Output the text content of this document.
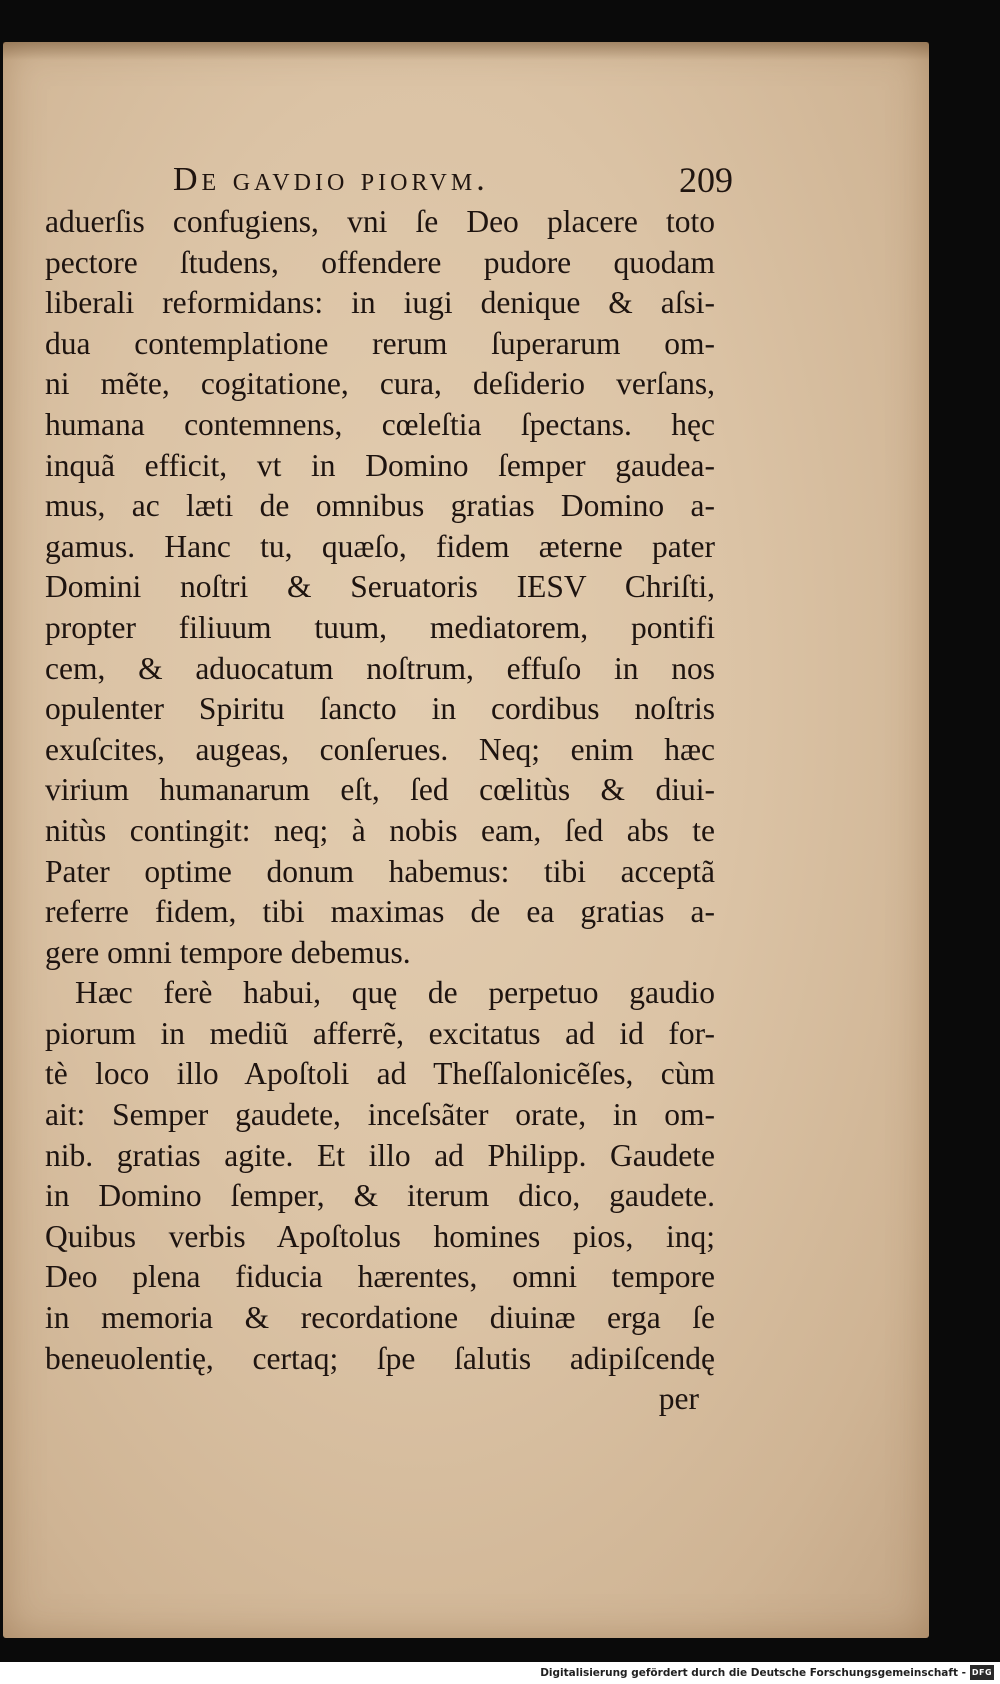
De gavdio piorvm.	209
aduerſis confugiens, vni ſe Deo placere toto
pectore ſtudens, offendere pudore quodam
liberali reformidans: in iugi denique & aſsi-
dua contemplatione rerum ſuperarum om-
ni mẽte, cogitatione, cura, deſiderio verſans,
humana contemnens, cœleſtia ſpectans. hęc
inquã efficit, vt in Domino ſemper gaudea-
mus, ac læti de omnibus gratias Domino a-
gamus. Hanc tu, quæſo, fidem æterne pater
Domini noſtri & Seruatoris IESV Chriſti,
propter filiuum tuum, mediatorem, pontifi
cem, & aduocatum noſtrum, effuſo in nos
opulenter Spiritu ſancto in cordibus noſtris
exuſcites, augeas, conſerues. Neq; enim hæc
virium humanarum eſt, ſed cœlitùs & diui-
nitùs contingit: neq; à nobis eam, ſed abs te
Pater optime donum habemus: tibi acceptã
referre fidem, tibi maximas de ea gratias a-
gere omni tempore debemus.
Hæc ferè habui, quę de perpetuo gaudio
piorum in mediũ afferrẽ, excitatus ad id for-
tè loco illo Apoſtoli ad Theſſalonicẽſes, cùm
ait: Semper gaudete, inceſsãter orate, in om-
nib. gratias agite. Et illo ad Philipp. Gaudete
in Domino ſemper, & iterum dico, gaudete.
Quibus verbis Apoſtolus homines pios, inq;
Deo plena fiducia hærentes, omni tempore
in memoria & recordatione diuinæ erga ſe
beneuolentię, certaq; ſpe ſalutis adipiſcendę
per
Digitalisierung gefördert durch die Deutsche Forschungsgemeinschaft - DFG
